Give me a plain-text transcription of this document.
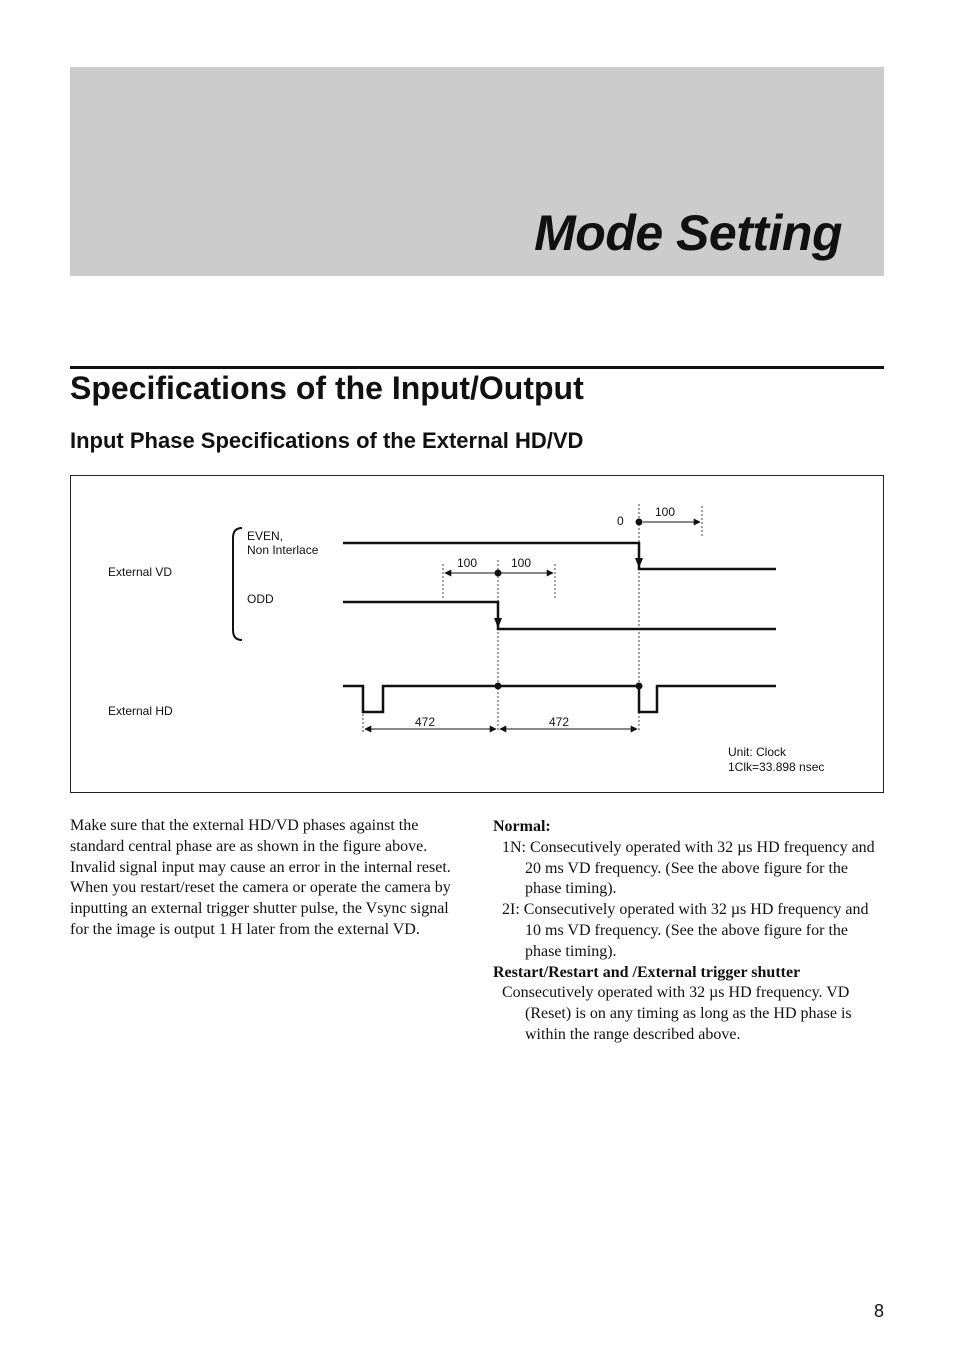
Mode Setting
Specifications of the Input/Output
Input Phase Specifications of the External HD/VD
External VD
External HD
EVEN,
Non Interlace
ODD
0
100
100	100
472	472
Unit: Clock
1Clk=33.898 nsec

Make sure that the external HD/VD phases against the standard central phase are as shown in the figure above. Invalid signal input may cause an error in the internal reset.

When you restart/reset the camera or operate the camera by inputting an external trigger shutter pulse, the Vsync signal for the image is output 1 H later from the external VD.

Normal:

1N: Consecutively operated with 32 µs HD frequency and 20 ms VD frequency. (See the above figure for the phase timing).

2I: Consecutively operated with 32 µs HD frequency and 10 ms VD frequency. (See the above figure for the phase timing).

Restart/Restart and /External trigger shutter

Consecutively operated with 32 µs HD frequency. VD (Reset) is on any timing as long as the HD phase is within the range described above.

8
